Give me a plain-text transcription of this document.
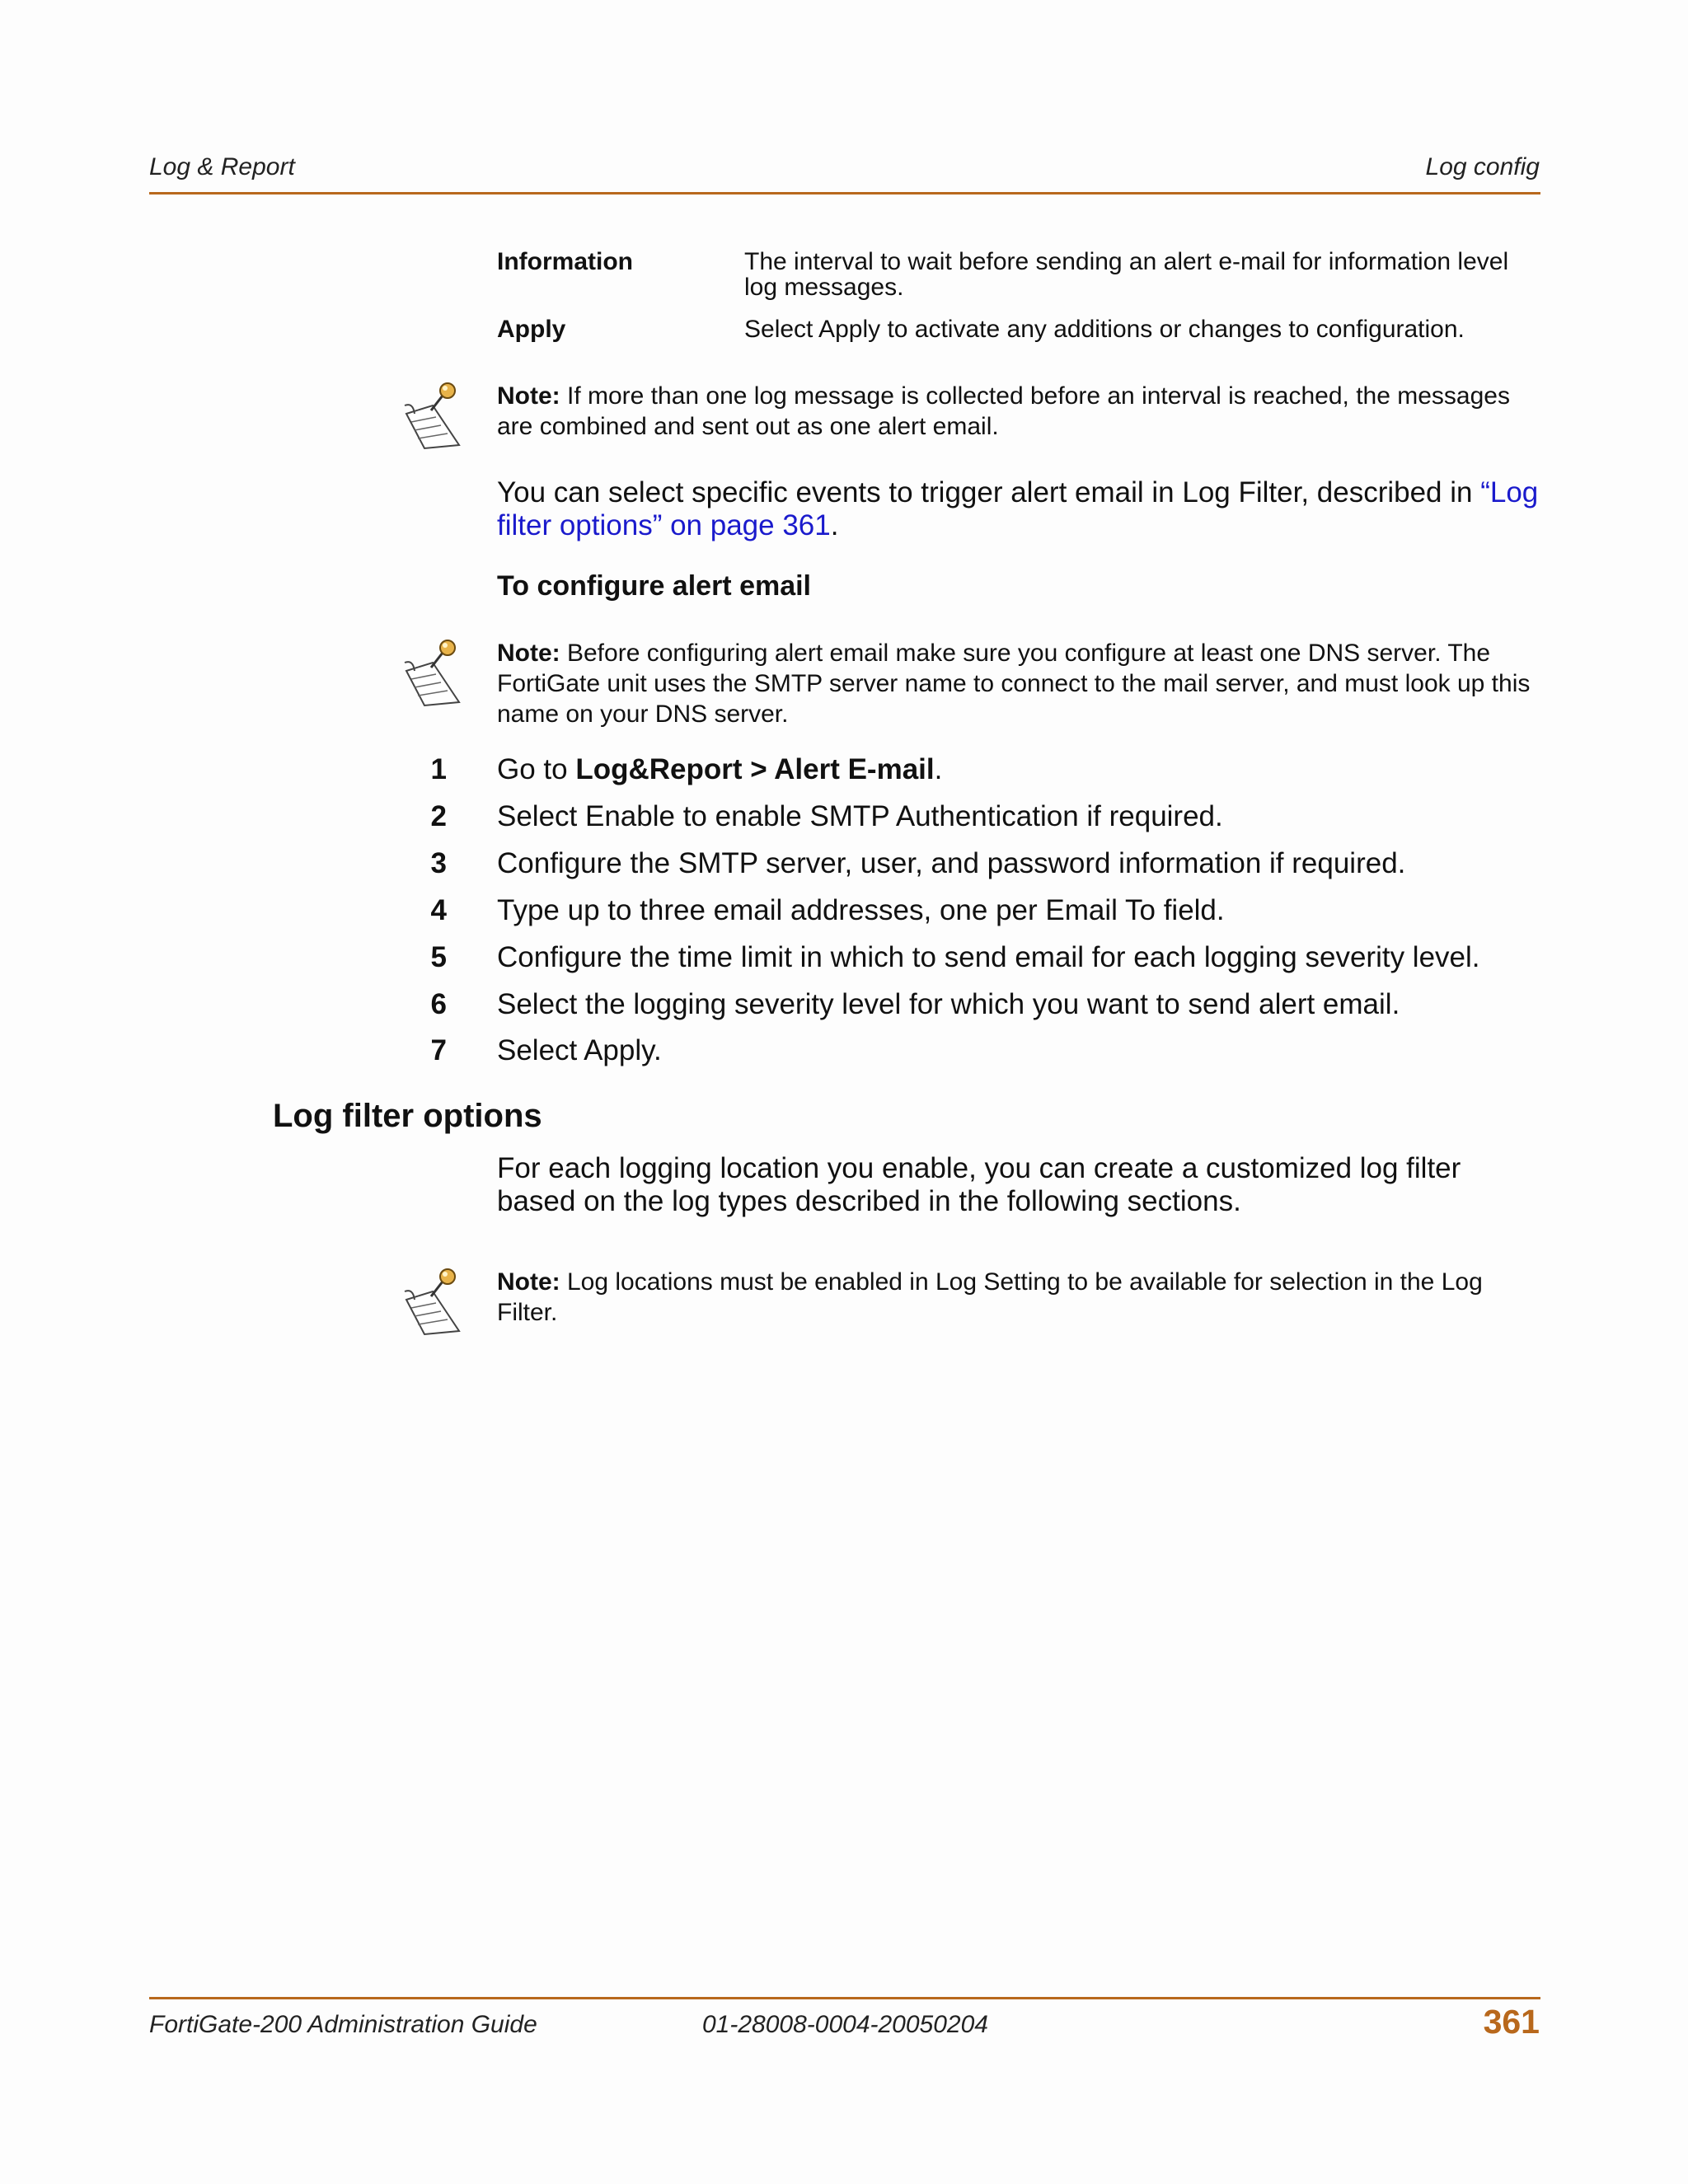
Log & Report	Log config
Information	The interval to wait before sending an alert e-mail for information level log messages.
Apply	Select Apply to activate any additions or changes to configuration.
Note: If more than one log message is collected before an interval is reached, the messages are combined and sent out as one alert email.
You can select specific events to trigger alert email in Log Filter, described in “Log filter options” on page 361.
To configure alert email
Note: Before configuring alert email make sure you configure at least one DNS server. The FortiGate unit uses the SMTP server name to connect to the mail server, and must look up this name on your DNS server.
1 Go to Log&Report > Alert E-mail.
2 Select Enable to enable SMTP Authentication if required.
3 Configure the SMTP server, user, and password information if required.
4 Type up to three email addresses, one per Email To field.
5 Configure the time limit in which to send email for each logging severity level.
6 Select the logging severity level for which you want to send alert email.
7 Select Apply.
Log filter options
For each logging location you enable, you can create a customized log filter based on the log types described in the following sections.
Note: Log locations must be enabled in Log Setting to be available for selection in the Log Filter.
FortiGate-200 Administration Guide	01-28008-0004-20050204	361
